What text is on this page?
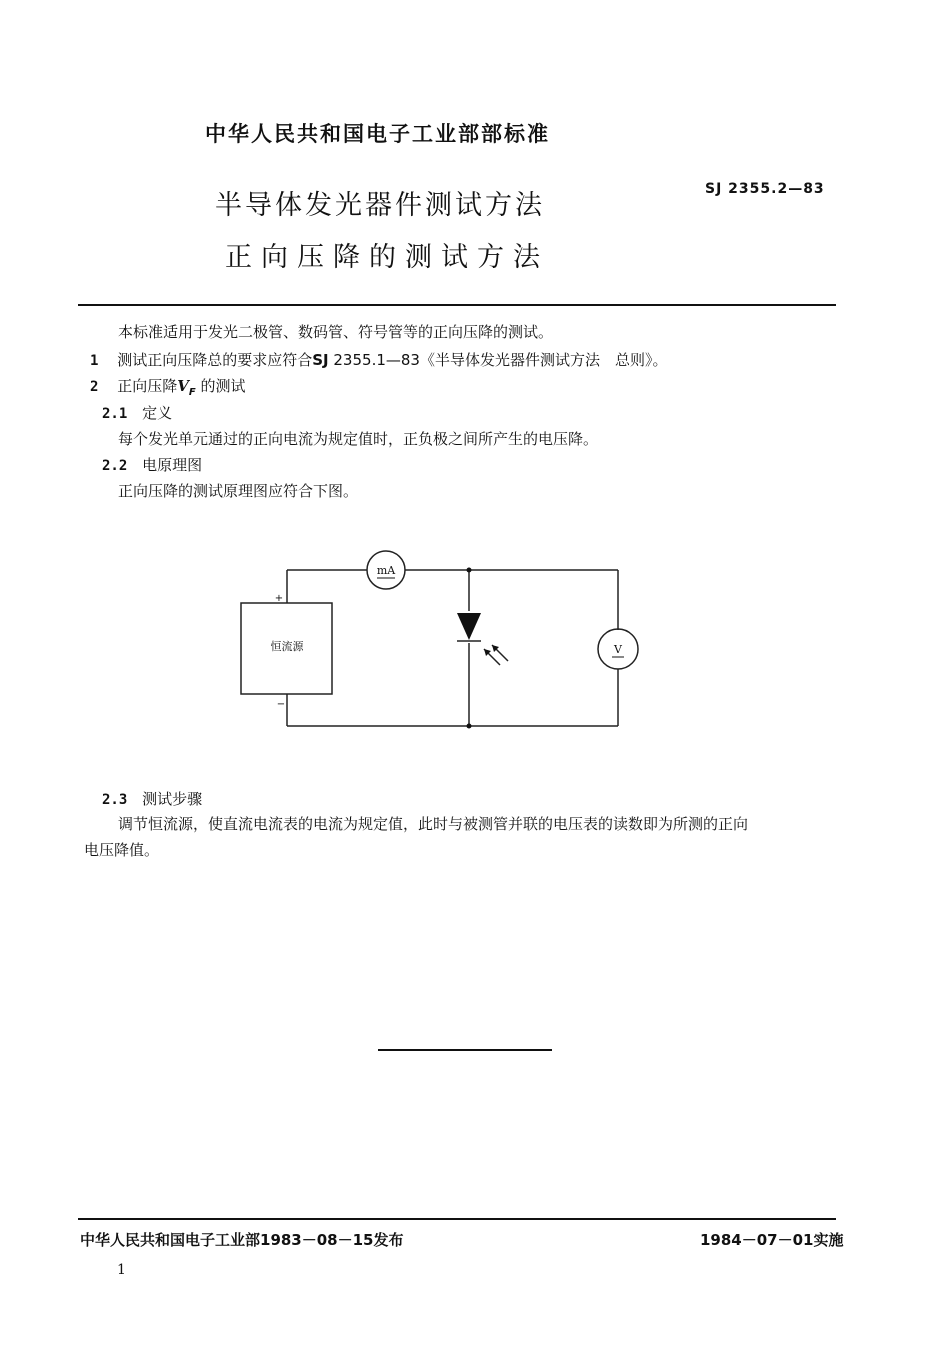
中华人民共和国电子工业部部标准
半导体发光器件测试方法
正向压降的测试方法
SJ 2355.2—83
本标准适用于发光二极管、数码管、符号管等的正向压降的测试。
1 测试正向压降总的要求应符合SJ 2355.1—83《半导体发光器件测试方法　总则》。
2 正向压降$V_F$ 的测试
2.1 定义
每个发光单元通过的正向电流为规定值时，正负极之间所产生的电压降。
2.2 电原理图
正向压降的测试原理图应符合下图。
恒流源
+
−
mA
V
2.3 测试步骤
调节恒流源，使直流电流表的电流为规定值，此时与被测管并联的电压表的读数即为所测的正向
电压降值。
中华人民共和国电子工业部1983－08－15发布	1984－07－01实施
1
